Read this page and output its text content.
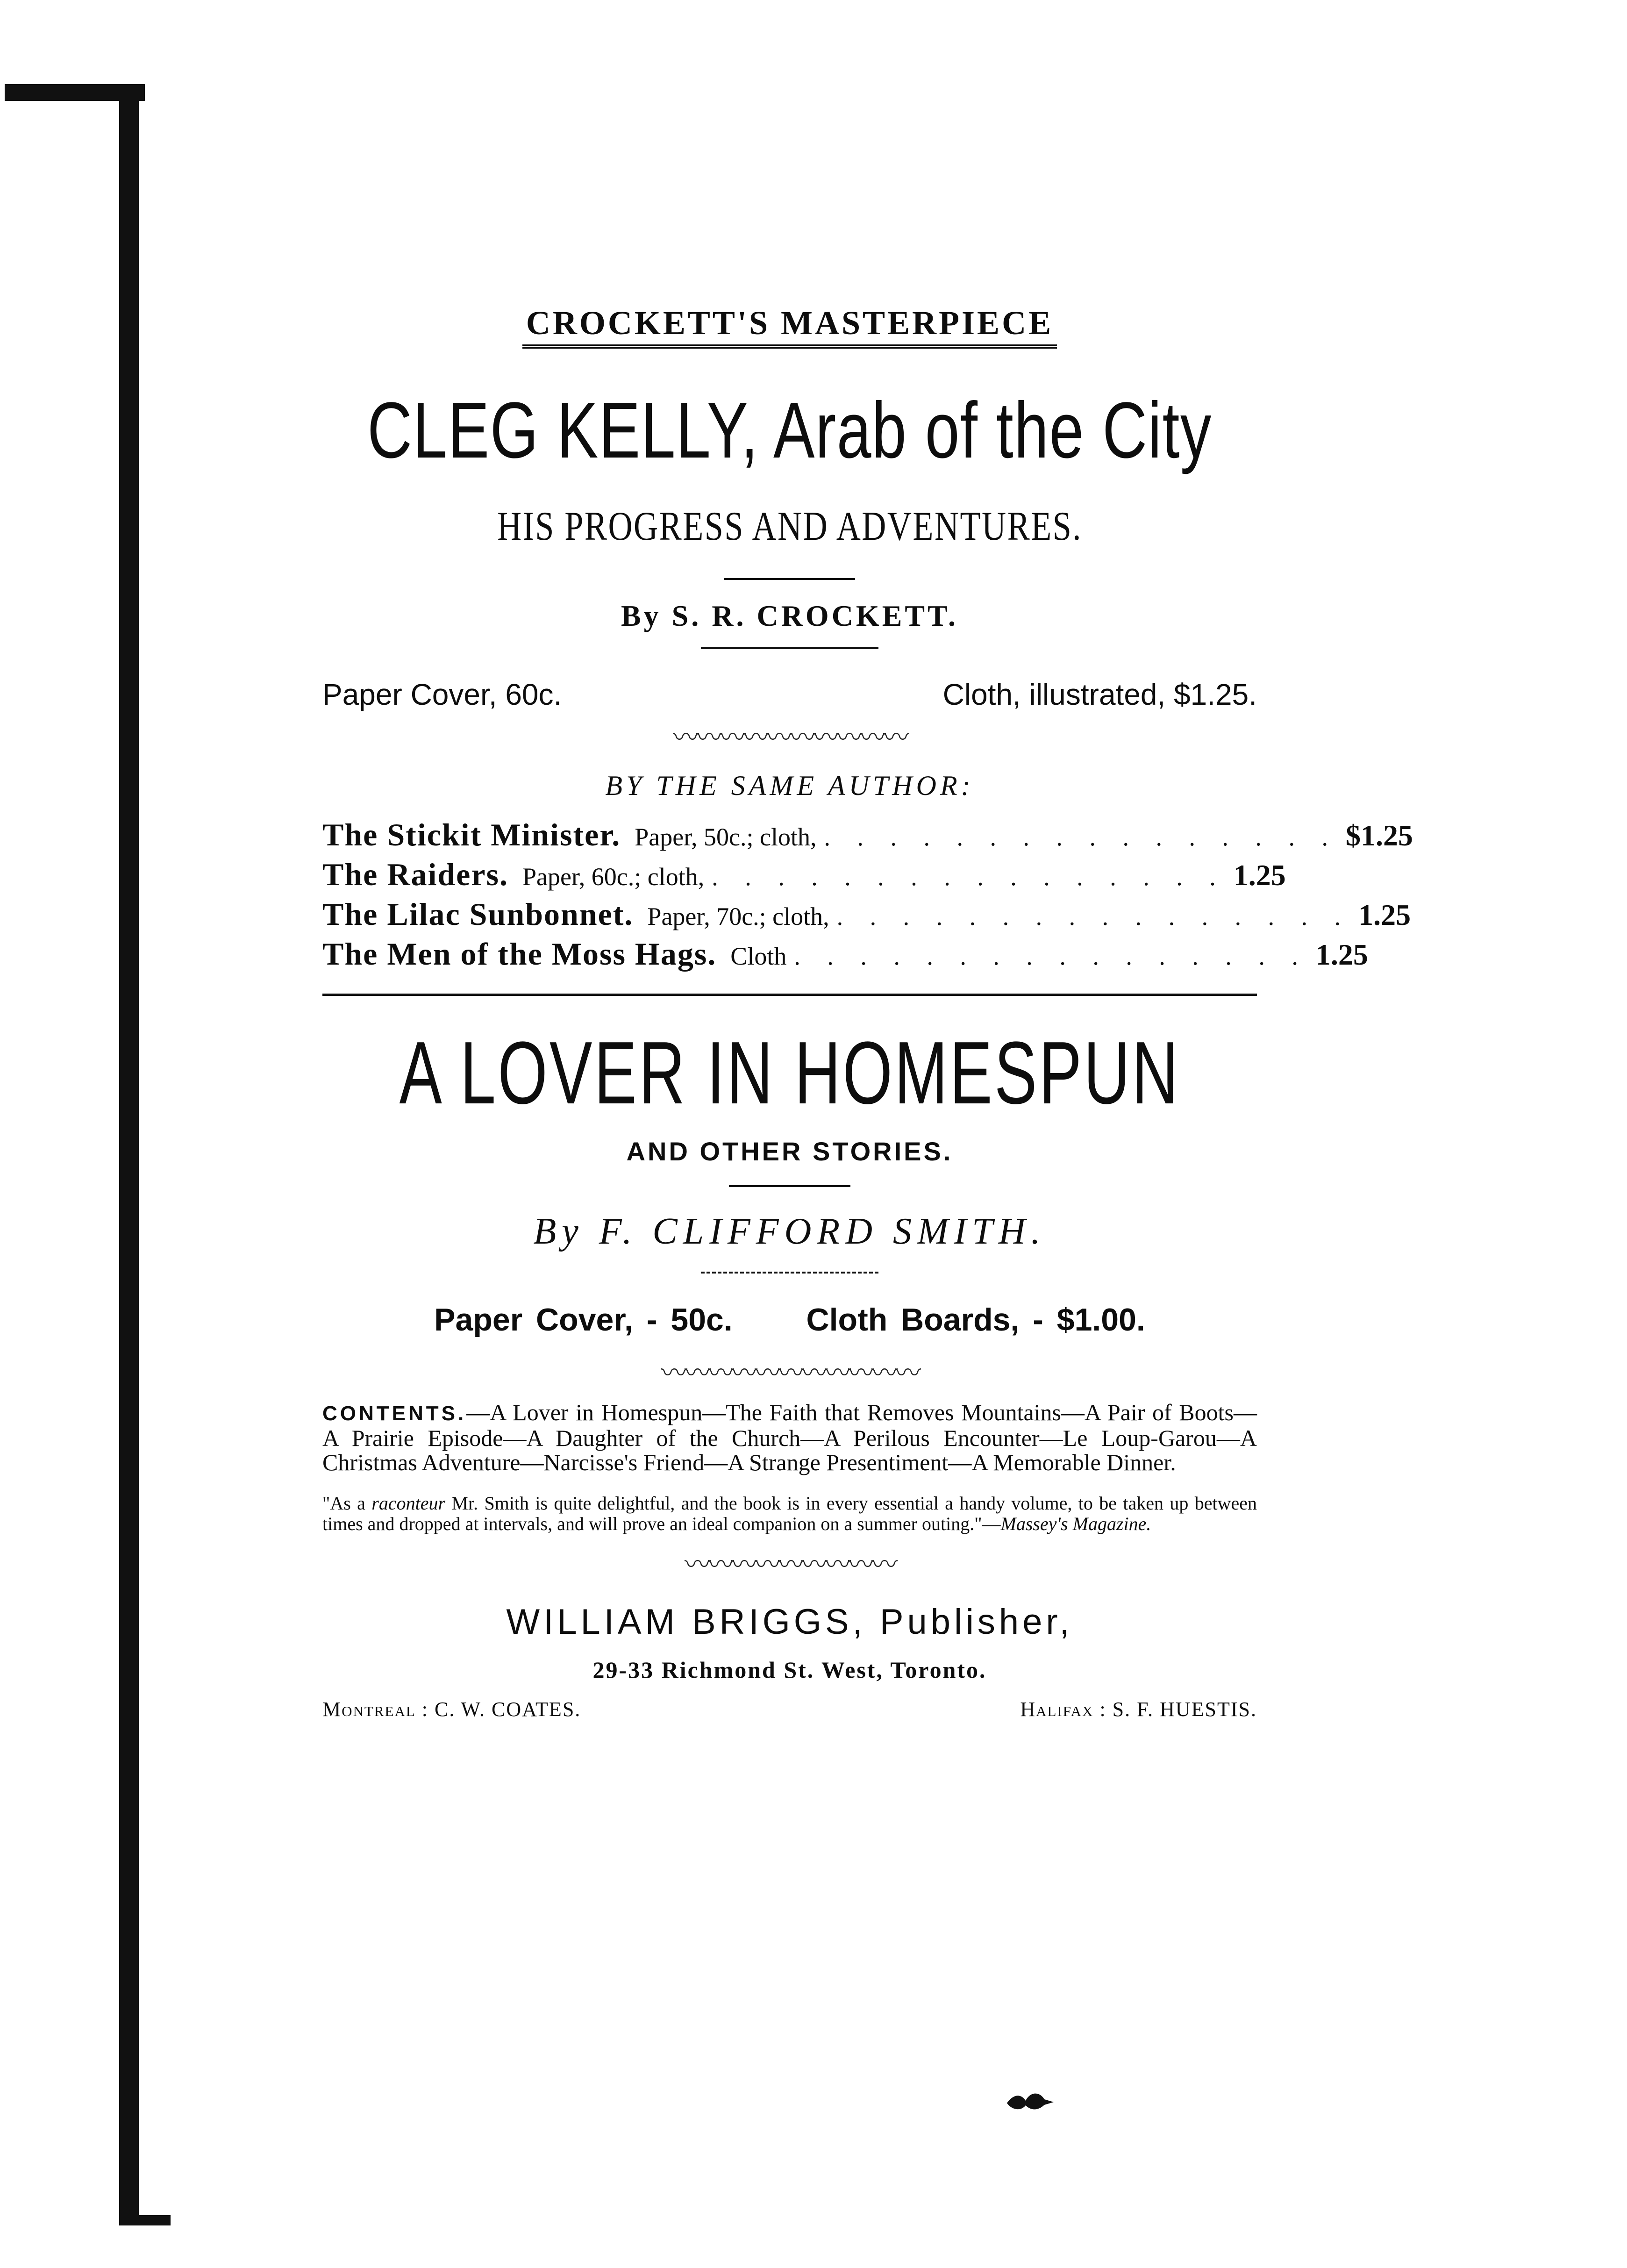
CROCKETT'S MASTERPIECE
CLEG KELLY, Arab of the City
HIS PROGRESS AND ADVENTURES.
By S. R. CROCKETT.
Paper Cover, 60c.	Cloth, illustrated, $1.25.
〰〰〰〰〰〰〰〰〰〰
BY THE SAME AUTHOR:
The Stickit Minister. Paper, 50c.; cloth, . . . . . . . . . . . . . . . . $1.25
The Raiders. Paper, 60c.; cloth, . . . . . . . . . . . . . . . . 1.25
The Lilac Sunbonnet. Paper, 70c.; cloth, . . . . . . . . . . . . . . . . 1.25
The Men of the Moss Hags. Cloth . . . . . . . . . . . . . . . . 1.25
A LOVER IN HOMESPUN
AND OTHER STORIES.
By F. CLIFFORD SMITH.
Paper Cover, - 50c. Cloth Boards, - $1.00.
〰〰〰〰〰〰〰〰〰〰〰
CONTENTS.—A Lover in Homespun—The Faith that Removes Mountains—A Pair of Boots—A Prairie Episode—A Daughter of the Church—A Perilous Encounter—Le Loup-Garou—A Christmas Adventure—Narcisse's Friend—A Strange Presentiment—A Memorable Dinner.
"As a raconteur Mr. Smith is quite delightful, and the book is in every essential a handy volume, to be taken up between times and dropped at intervals, and will prove an ideal companion on a summer outing."—Massey's Magazine.
〰〰〰〰〰〰〰〰〰
WILLIAM BRIGGS, Publisher,
29-33 Richmond St. West, Toronto.
Montreal : C. W. COATES.	Halifax : S. F. HUESTIS.
